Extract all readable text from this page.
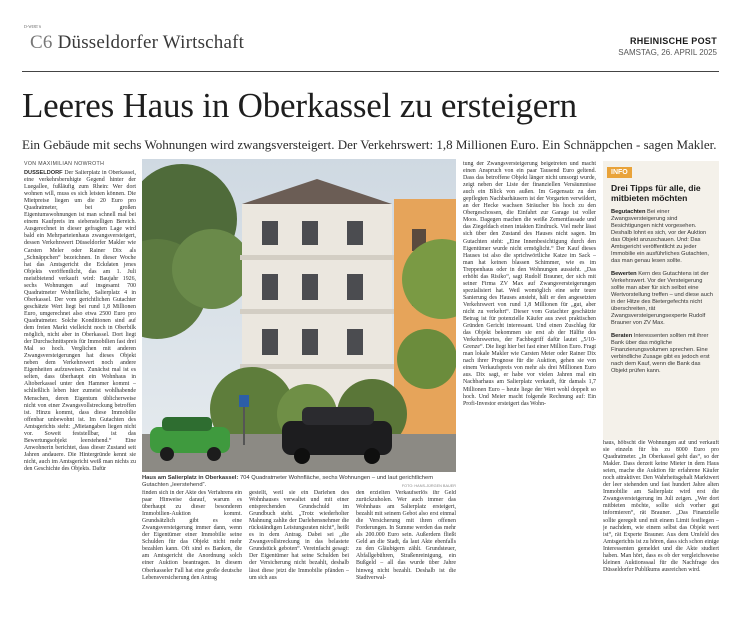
D-WIRT 6
C6 Düsseldorfer Wirtschaft	RHEINISCHE POST
SAMSTAG, 26. APRIL 2025
Leeres Haus in Oberkassel zu ersteigern
Ein Gebäude mit sechs Wohnungen wird zwangsversteigert. Der Verkehrswert: 1,8 Millionen Euro. Ein Schnäppchen - sagen Makler.
VON MAXIMILIAN NOWROTH
DÜSSELDORF Der Salierplatz in Oberkassel, eine verkehrsberuhigte Gegend hinter der Luegallee, fußläufig zum Rhein: Wer dort wohnen will, muss es sich leisten können. Die Mietpreise liegen um die 20 Euro pro Quadratmeter, bei großen Eigentumswohnungen ist man schnell mal bei einem Kaufpreis im siebenstelligen Bereich. Ausgerechnet in dieser gefragten Lage wird bald ein Mehrparteienhaus zwangsversteigert, dessen Verkehrswert Düsseldorfer Makler wie Carsten Meler oder Rainer Dix als „Schnäppchen“ bezeichnen. In dieser Woche hat das Amtsgericht die Eckdaten jenes Objekts veröffentlicht, das am 1. Juli meistbietend verkauft wird: Baujahr 1926, sechs Wohnungen auf insgesamt 700 Quadratmeter Wohnfläche, Salierplatz 4 in Oberkassel. Der vom gerichtlichen Gutachter geschätzte Wert liegt bei rund 1,8 Millionen Euro, umgerechnet also etwa 2500 Euro pro Quadratmeter. Solche Konditionen sind auf dem freien Markt vielleicht noch in Oberbilk möglich, nicht aber in Oberkassel. Dort liegt der Durchschnittspreis für Immobilien fast drei Mal so hoch. Verglichen mit anderen Zwangsversteigerungen hat dieses Objekt neben dem Verkehrswert noch andere Eigenheiten aufzuweisen. Zunächst mal ist es selten, dass überhaupt ein Wohnhaus in Altoberkassel unter den Hammer kommt – schließlich leben hier zumeist wohlhabende Menschen, deren Eigentum üblicherweise nicht von einer Zwangsvollstreckung betroffen ist. Hinzu kommt, dass diese Immobilie offenbar unbewohnt ist. Im Gutachten des Amtsgerichts steht: „Mietangaben liegen nicht vor. Soweit feststellbar, ist das Bewertungsobjekt leerstehend.“ Eine Anwohnerin berichtet, dass dieser Zustand seit Jahren andauere. Die Hintergründe kennt sie nicht, auch im Amtsgericht weiß man nichts zu den Geschichte des Objekts. Dafür
Haus am Salierplatz in Oberkassel: 704 Quadratmeter Wohnfläche, sechs Wohnungen – und laut gerichtlichem Gutachten „leerstehend“.	FOTO: HANS-JÜRGEN BAUER
finden sich in der Akte des Verfahrens ein paar Hinweise darauf, warum es überhaupt zu dieser besonderen Immobilien-Auktion kommt. Grundsätzlich gibt es eine Zwangsversteigerung immer dann, wenn der Eigentümer einer Immobilie seine Schulden für das Objekt nicht mehr bezahlen kann. Oft sind es Banken, die am Amtsgericht die Anordnung solch einer Auktion beantragen. In diesem Oberkasseler Fall hat eine große deutsche Lebensversicherung den Antrag
gestellt, weil sie ein Darlehen des Wohnhauses verwaltet und mit einer entsprechenden Grundschuld im Grundbuch steht. „Trotz wiederholter Mahnung zahlte der Darlehensnehmer die rückständigen Leistungsraten nicht“, heißt es in dem Antrag. Dabei sei „die Zwangsvollstreckung in das belastete Grundstück geboten“. Vereinfacht gesagt: Der Eigentümer hat seine Schulden bei der Versicherung nicht bezahlt, deshalb lässt diese jetzt die Immobilie pfänden – um sich aus
den erzielten Verkaufserlös ihr Geld zurückzuholen. Wer auch immer das Wohnhaus am Salierplatz ersteigert, bezahlt mit seinem Gebot also erst einmal die Versicherung mit ihren offenen Forderungen. In Summe werden das mehr als 200.000 Euro sein. Außerdem fließt Geld an die Stadt, da laut Akte ebenfalls zu den Gläubigern zählt. Grundsteuer, Abfallgebühren, Straßenreinigung, ein Bußgeld – all das wurde über Jahre hinweg nicht bezahlt. Deshalb ist die Stadtverwal-
tung der Zwangsversteigerung beigetreten und macht einen Anspruch von ein paar Tausend Euro geltend. Dass das betroffene Objekt länger nicht umsorgt wurde, zeigt neben der Liste der finanziellen Versäumnisse auch ein Blick von außen. Im Gegensatz zu den gepflegten Nachbarhäusern ist der Vorgarten verwildert, an der Hecke wachsen Sträucher bis hoch zu den Obergeschossen, die Einfahrt zur Garage ist voller Moos. Dagegen machen die weiße Zementfassade und das Ziegeldach einen intakten Eindruck. Viel mehr lässt sich über den Zustand des Hauses nicht sagen. Im Gutachten steht: „Eine Innenbesichtigung durch den Eigentümer wurde nicht ermöglicht.“ Der Kauf dieses Hauses ist also die sprichwörtliche Katze im Sack – man hat keinen blassen Schimmer, wie es im Treppenhaus oder in den Wohnungen aussieht. „Das erhöht das Risiko“, sagt Rudolf Brauner, der sich mit seiner Firma ZV Max auf Zwangsversteigerungen spezialisiert hat. Weil womöglich eine sehr teure Sanierung des Hauses ansteht, hält er den angesetzten Verkehrswert von rund 1,8 Millionen für „gut, aber nicht zu verkehrt“. Dieser vom Gutachter geschätzte Betrag ist für potenzielle Käufer aus zwei praktischen Gründen Gericht interessant. Und einen Zuschlag für das Objekt bekommen sie erst ab der Hälfte des Verkehrswertes, der Fachbegriff dafür lautet „5/10-Grenze“. Die liegt hier bei fast einer Million Euro. Fragt man lokale Makler wie Carsten Meier oder Rainer Dix nach ihrer Prognose für die Auktion, gehen sie von einem Verkaufspreis von mehr als drei Millionen Euro aus. Dix sagt, er habe vor vielen Jahren mal ein Nachbarhaus am Salierplatz verkauft, für damals 1,7 Millionen Euro – heute liege der Wert wohl doppelt so hoch. Und Meier macht folgende Rechnung auf: Ein Profi-Investor ersteigert das Wohn-
INFO
Drei Tipps für alle, die mitbieten möchten
Begutachten Bei einer Zwangsversteigerung sind Besichtigungen nicht vorgesehen. Deshalb lohnt es sich, vor der Auktion das Objekt anzuschauen. Und: Das Amtsgericht veröffentlicht zu jeder Immobilie ein ausführliches Gutachten, das man genau lesen sollte.
Bewerten Kern des Gutachtens ist der Verkehrswert. Vor der Versteigerung sollte man aber für sich selbst eine Wertvorstellung treffen – und diese auch in der Hitze des Bietergefechts nicht überschreiten, rät Zwangsversteigerungsexperte Rudolf Brauner von ZV Max.
Beraten Interessenten sollten mit ihrer Bank über das mögliche Finanzierungsvolumen sprechen. Eine verbindliche Zusage gibt es jedoch erst nach dem Kauf, wenn die Bank das Objekt prüfen kann.
haus, höbscht die Wohnungen auf und verkauft sie einzeln für bis zu 8000 Euro pro Quadratmeter. „In Oberkassel geht das“, so der Makler. Dass derzeit keine Mieter in dem Haus seien, mache die Auktion für erfahrene Käufer noch attraktiver. Den Wahrheitsgehalt Marktwert der leer stehenden und fast hundert Jahre alten Immobilie am Salierplatz wird erst die Zwangsversteigerung im Juli zeigen. „Wer dort mitbieten möchte, sollte sich vorher gut informieren“, rät Brauner. „Das Finanzielle sollte geregelt und mit einem Limit festliegen – je nachdem, wie einem selbst das Objekt wert ist“, rät Experte Brauner. Aus dem Umfeld des Amtsgerichts ist zu hören, dass sich schon einige Interessenten gemeldet und die Akte studiert haben. Man hört, dass es ob der vergleichsweise kleinen Auktionssaal für die Nachfrage des Düsseldorfer Publikums ausreichen wird.
